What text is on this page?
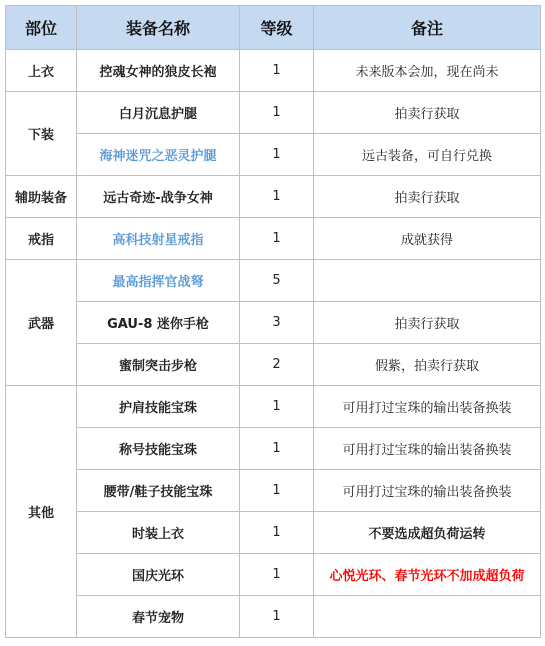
部位	装备名称	等级	备注
上衣	控魂女神的狼皮长袍	1	未来版本会加，现在尚未
下装	白月沉息护腿	1	拍卖行获取
	海神迷咒之恶灵护腿	1	远古装备，可自行兑换
辅助装备	远古奇迹-战争女神	1	拍卖行获取
戒指	高科技射星戒指	1	成就获得
武器	最高指挥官战弩	5	
	GAU-8 迷你手枪	3	拍卖行获取
	蜜制突击步枪	2	假紫，拍卖行获取
其他	护肩技能宝珠	1	可用打过宝珠的输出装备换装
	称号技能宝珠	1	可用打过宝珠的输出装备换装
	腰带/鞋子技能宝珠	1	可用打过宝珠的输出装备换装
	时装上衣	1	不要选成超负荷运转
	国庆光环	1	心悦光环、春节光环不加成超负荷
	春节宠物	1	
